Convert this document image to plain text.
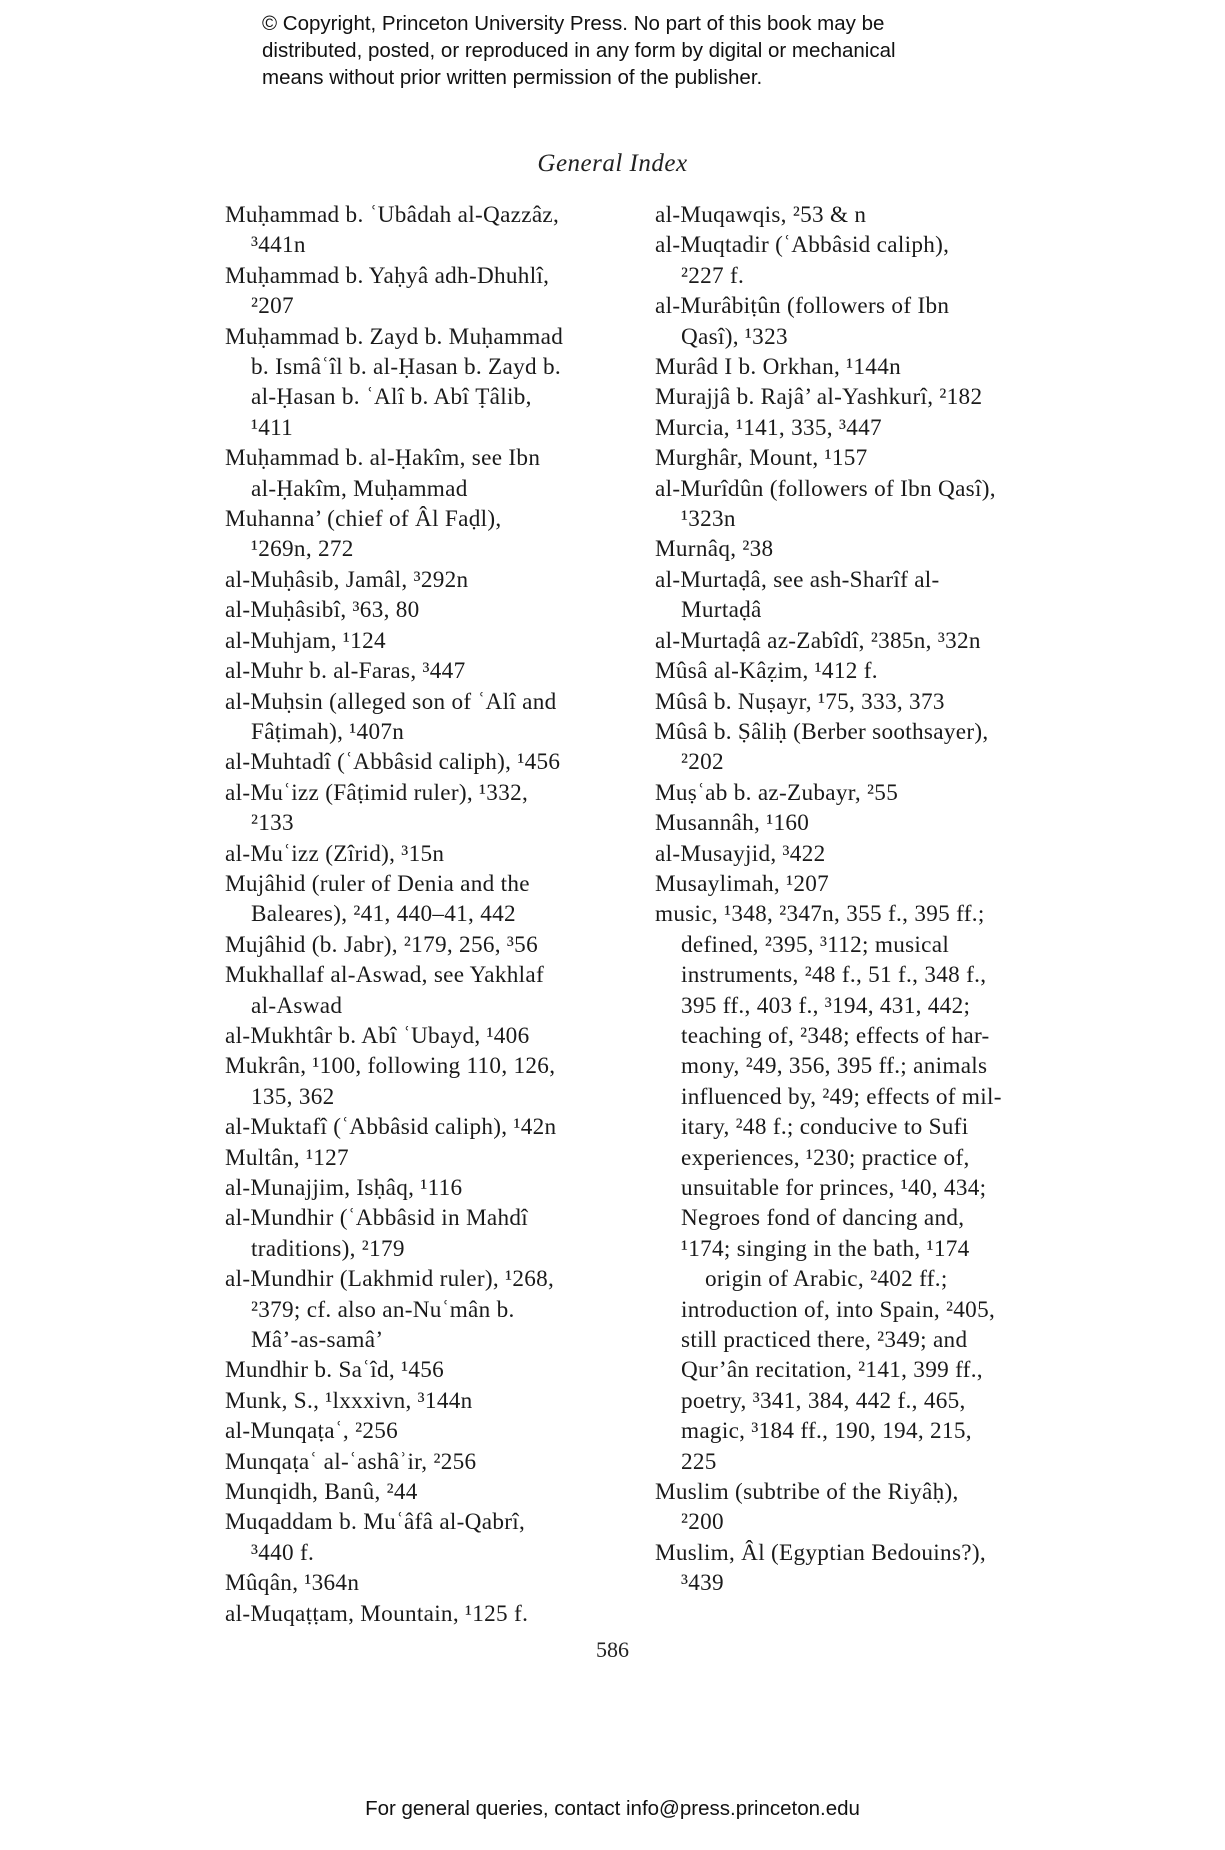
© Copyright, Princeton University Press. No part of this book may be
distributed, posted, or reproduced in any form by digital or mechanical
means without prior written permission of the publisher.
General Index
Muḥammad b. ʿUbâdah al-Qazzâz,
³441n
Muḥammad b. Yaḥyâ adh-Dhuhlî,
²207
Muḥammad b. Zayd b. Muḥammad
b. Ismâʿîl b. al-Ḥasan b. Zayd b.
al-Ḥasan b. ʿAlî b. Abî Ṭâlib,
¹411
Muḥammad b. al-Ḥakîm, see Ibn
al-Ḥakîm, Muḥammad
Muhanna’ (chief of Âl Faḍl),
¹269n, 272
al-Muḥâsib, Jamâl, ³292n
al-Muḥâsibî, ³63, 80
al-Muhjam, ¹124
al-Muhr b. al-Faras, ³447
al-Muḥsin (alleged son of ʿAlî and
Fâṭimah), ¹407n
al-Muhtadî (ʿAbbâsid caliph), ¹456
al-Muʿizz (Fâṭimid ruler), ¹332,
²133
al-Muʿizz (Zîrid), ³15n
Mujâhid (ruler of Denia and the
Baleares), ²41, 440–41, 442
Mujâhid (b. Jabr), ²179, 256, ³56
Mukhallaf al-Aswad, see Yakhlaf
al-Aswad
al-Mukhtâr b. Abî ʿUbayd, ¹406
Mukrân, ¹100, following 110, 126,
135, 362
al-Muktafî (ʿAbbâsid caliph), ¹42n
Multân, ¹127
al-Munajjim, Isḥâq, ¹116
al-Mundhir (ʿAbbâsid in Mahdî
traditions), ²179
al-Mundhir (Lakhmid ruler), ¹268,
²379; cf. also an-Nuʿmân b.
Mâ’-as-samâ’
Mundhir b. Saʿîd, ¹456
Munk, S., ¹lxxxivn, ³144n
al-Munqaṭaʿ, ²256
Munqaṭaʿ al-ʿashâʾir, ²256
Munqidh, Banû, ²44
Muqaddam b. Muʿâfâ al-Qabrî,
³440 f.
Mûqân, ¹364n
al-Muqaṭṭam, Mountain, ¹125 f.
al-Muqawqis, ²53 & n
al-Muqtadir (ʿAbbâsid caliph),
²227 f.
al-Murâbiṭûn (followers of Ibn
Qasî), ¹323
Murâd I b. Orkhan, ¹144n
Murajjâ b. Rajâ’ al-Yashkurî, ²182
Murcia, ¹141, 335, ³447
Murghâr, Mount, ¹157
al-Murîdûn (followers of Ibn Qasî),
¹323n
Murnâq, ²38
al-Murtaḍâ, see ash-Sharîf al-
Murtaḍâ
al-Murtaḍâ az-Zabîdî, ²385n, ³32n
Mûsâ al-Kâẓim, ¹412 f.
Mûsâ b. Nuṣayr, ¹75, 333, 373
Mûsâ b. Ṣâliḥ (Berber soothsayer),
²202
Muṣʿab b. az-Zubayr, ²55
Musannâh, ¹160
al-Musayjid, ³422
Musaylimah, ¹207
music, ¹348, ²347n, 355 f., 395 ff.;
defined, ²395, ³112; musical
instruments, ²48 f., 51 f., 348 f.,
395 ff., 403 f., ³194, 431, 442;
teaching of, ²348; effects of har-
mony, ²49, 356, 395 ff.; animals
influenced by, ²49; effects of mil-
itary, ²48 f.; conducive to Sufi
experiences, ¹230; practice of,
unsuitable for princes, ¹40, 434;
Negroes fond of dancing and,
¹174; singing in the bath, ¹174
origin of Arabic, ²402 ff.;
introduction of, into Spain, ²405,
still practiced there, ²349; and
Qur’ân recitation, ²141, 399 ff.,
poetry, ³341, 384, 442 f., 465,
magic, ³184 ff., 190, 194, 215,
225
Muslim (subtribe of the Riyâḥ),
²200
Muslim, Âl (Egyptian Bedouins?),
³439
586
For general queries, contact info@press.princeton.edu
